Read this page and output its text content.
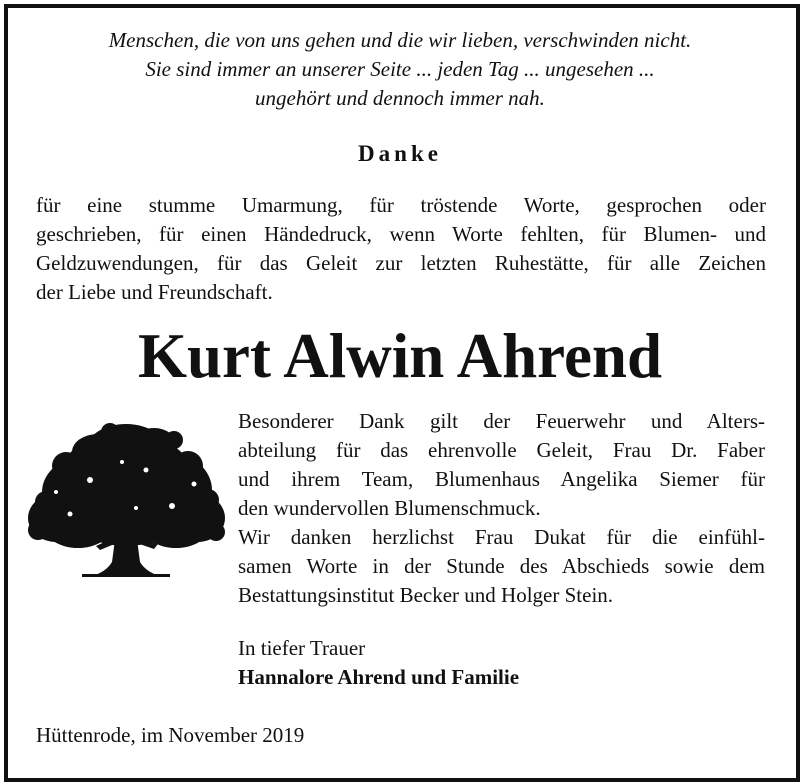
Menschen, die von uns gehen und die wir lieben, verschwinden nicht.
Sie sind immer an unserer Seite ... jeden Tag ... ungesehen ...
ungehört und dennoch immer nah.
Danke
für eine stumme Umarmung, für tröstende Worte, gesprochen oder
geschrieben, für einen Händedruck, wenn Worte fehlten, für Blumen- und
Geldzuwendungen, für das Geleit zur letzten Ruhestätte, für alle Zeichen
der Liebe und Freundschaft.
Kurt Alwin Ahrend
Besonderer Dank gilt der Feuerwehr und Alters-
abteilung für das ehrenvolle Geleit, Frau Dr. Faber
und ihrem Team, Blumenhaus Angelika Siemer für
den wundervollen Blumenschmuck.
Wir danken herzlichst Frau Dukat für die einfühl-
samen Worte in der Stunde des Abschieds sowie dem
Bestattungsinstitut Becker und Holger Stein.
In tiefer Trauer
Hannalore Ahrend und Familie
Hüttenrode, im November 2019
